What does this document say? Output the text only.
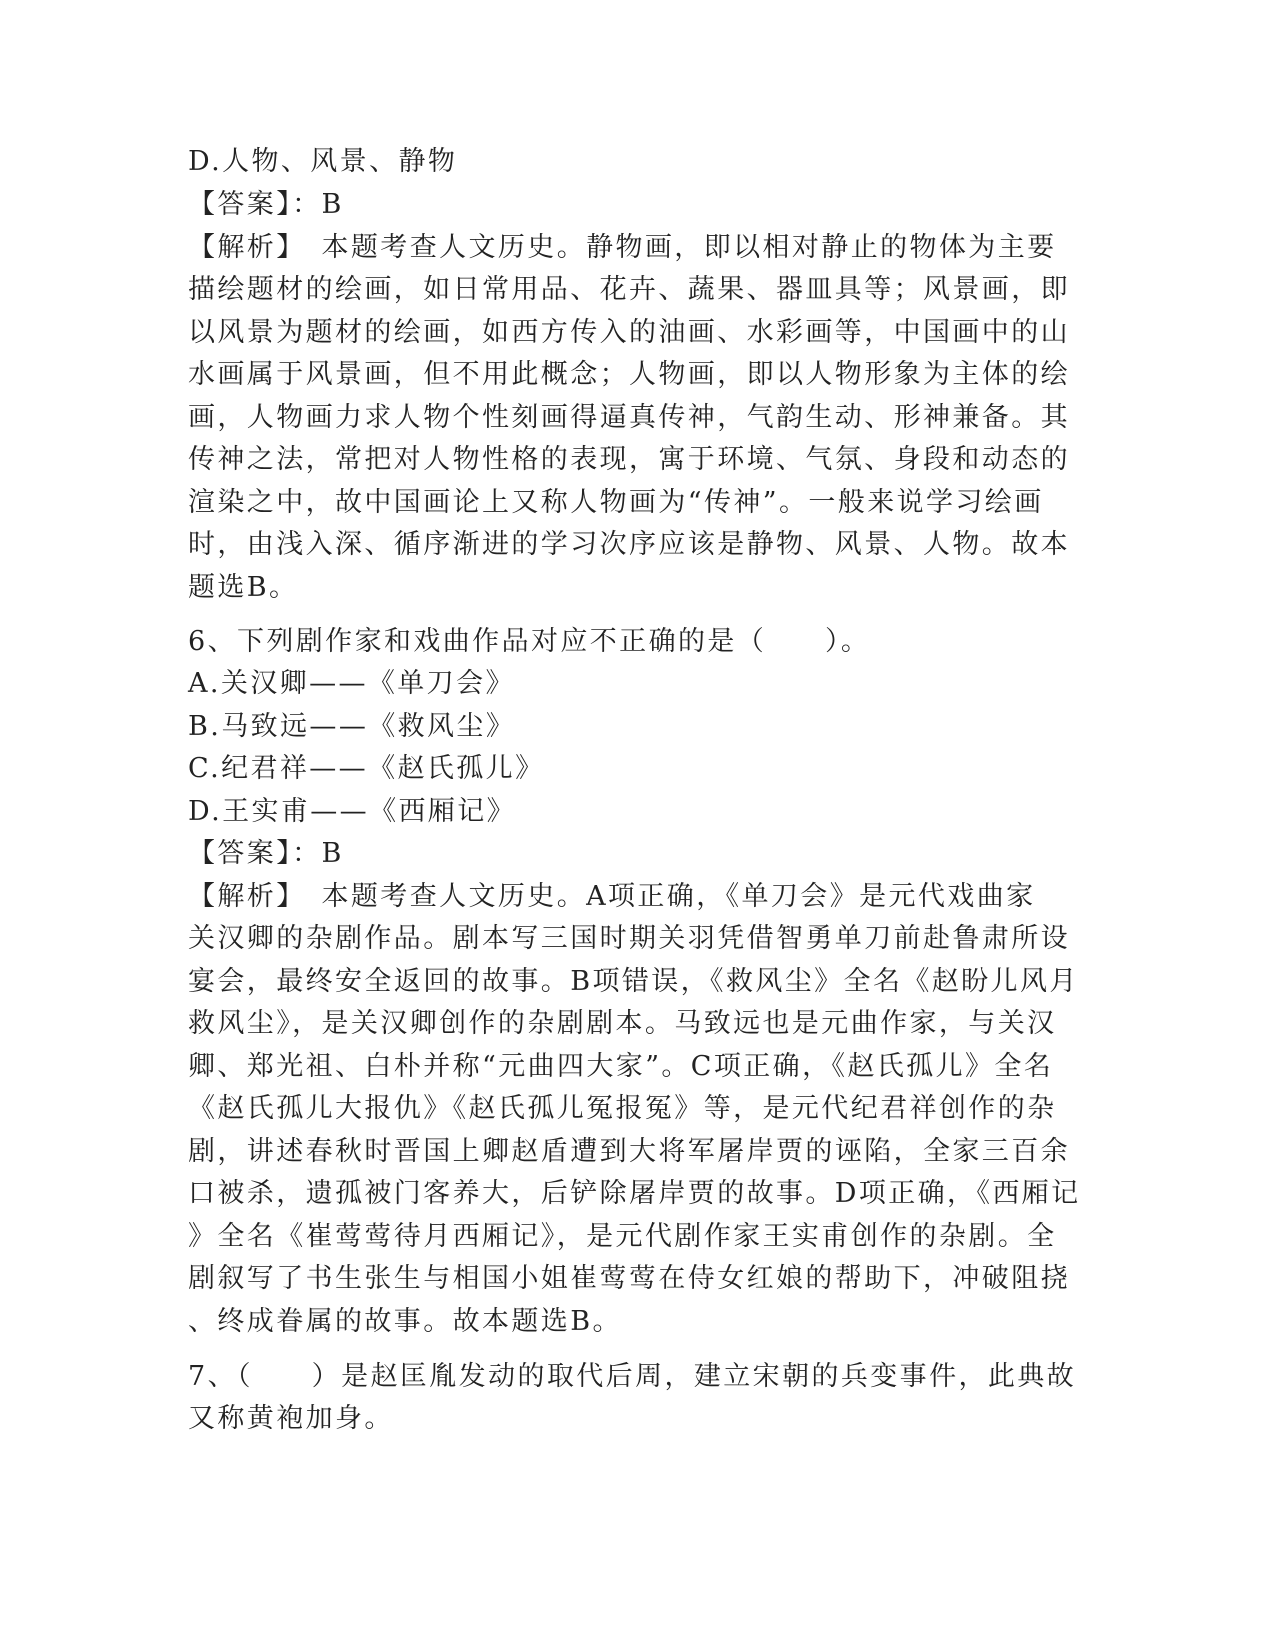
D.人物、风景、静物
【答案】：B
【解析】　本题考查人文历史。静物画，即以相对静止的物体为主要
描绘题材的绘画，如日常用品、花卉、蔬果、器皿具等；风景画，即
以风景为题材的绘画，如西方传入的油画、水彩画等，中国画中的山
水画属于风景画，但不用此概念；人物画，即以人物形象为主体的绘
画，人物画力求人物个性刻画得逼真传神，气韵生动、形神兼备。其
传神之法，常把对人物性格的表现，寓于环境、气氛、身段和动态的
渲染之中，故中国画论上又称人物画为“传神”。一般来说学习绘画
时，由浅入深、循序渐进的学习次序应该是静物、风景、人物。故本
题选B。
6、下列剧作家和戏曲作品对应不正确的是（　　）。
A.关汉卿——《单刀会》
B.马致远——《救风尘》
C.纪君祥——《赵氏孤儿》
D.王实甫——《西厢记》
【答案】：B
【解析】　本题考查人文历史。A项正确，《单刀会》是元代戏曲家
关汉卿的杂剧作品。剧本写三国时期关羽凭借智勇单刀前赴鲁肃所设
宴会，最终安全返回的故事。B项错误，《救风尘》全名《赵盼儿风月
救风尘》，是关汉卿创作的杂剧剧本。马致远也是元曲作家，与关汉
卿、郑光祖、白朴并称“元曲四大家”。C项正确，《赵氏孤儿》全名
《赵氏孤儿大报仇》《赵氏孤儿冤报冤》等，是元代纪君祥创作的杂
剧，讲述春秋时晋国上卿赵盾遭到大将军屠岸贾的诬陷，全家三百余
口被杀，遗孤被门客养大，后铲除屠岸贾的故事。D项正确，《西厢记
》全名《崔莺莺待月西厢记》，是元代剧作家王实甫创作的杂剧。全
剧叙写了书生张生与相国小姐崔莺莺在侍女红娘的帮助下，冲破阻挠
、终成眷属的故事。故本题选B。
7、（　　）是赵匡胤发动的取代后周，建立宋朝的兵变事件，此典故
又称黄袍加身。
